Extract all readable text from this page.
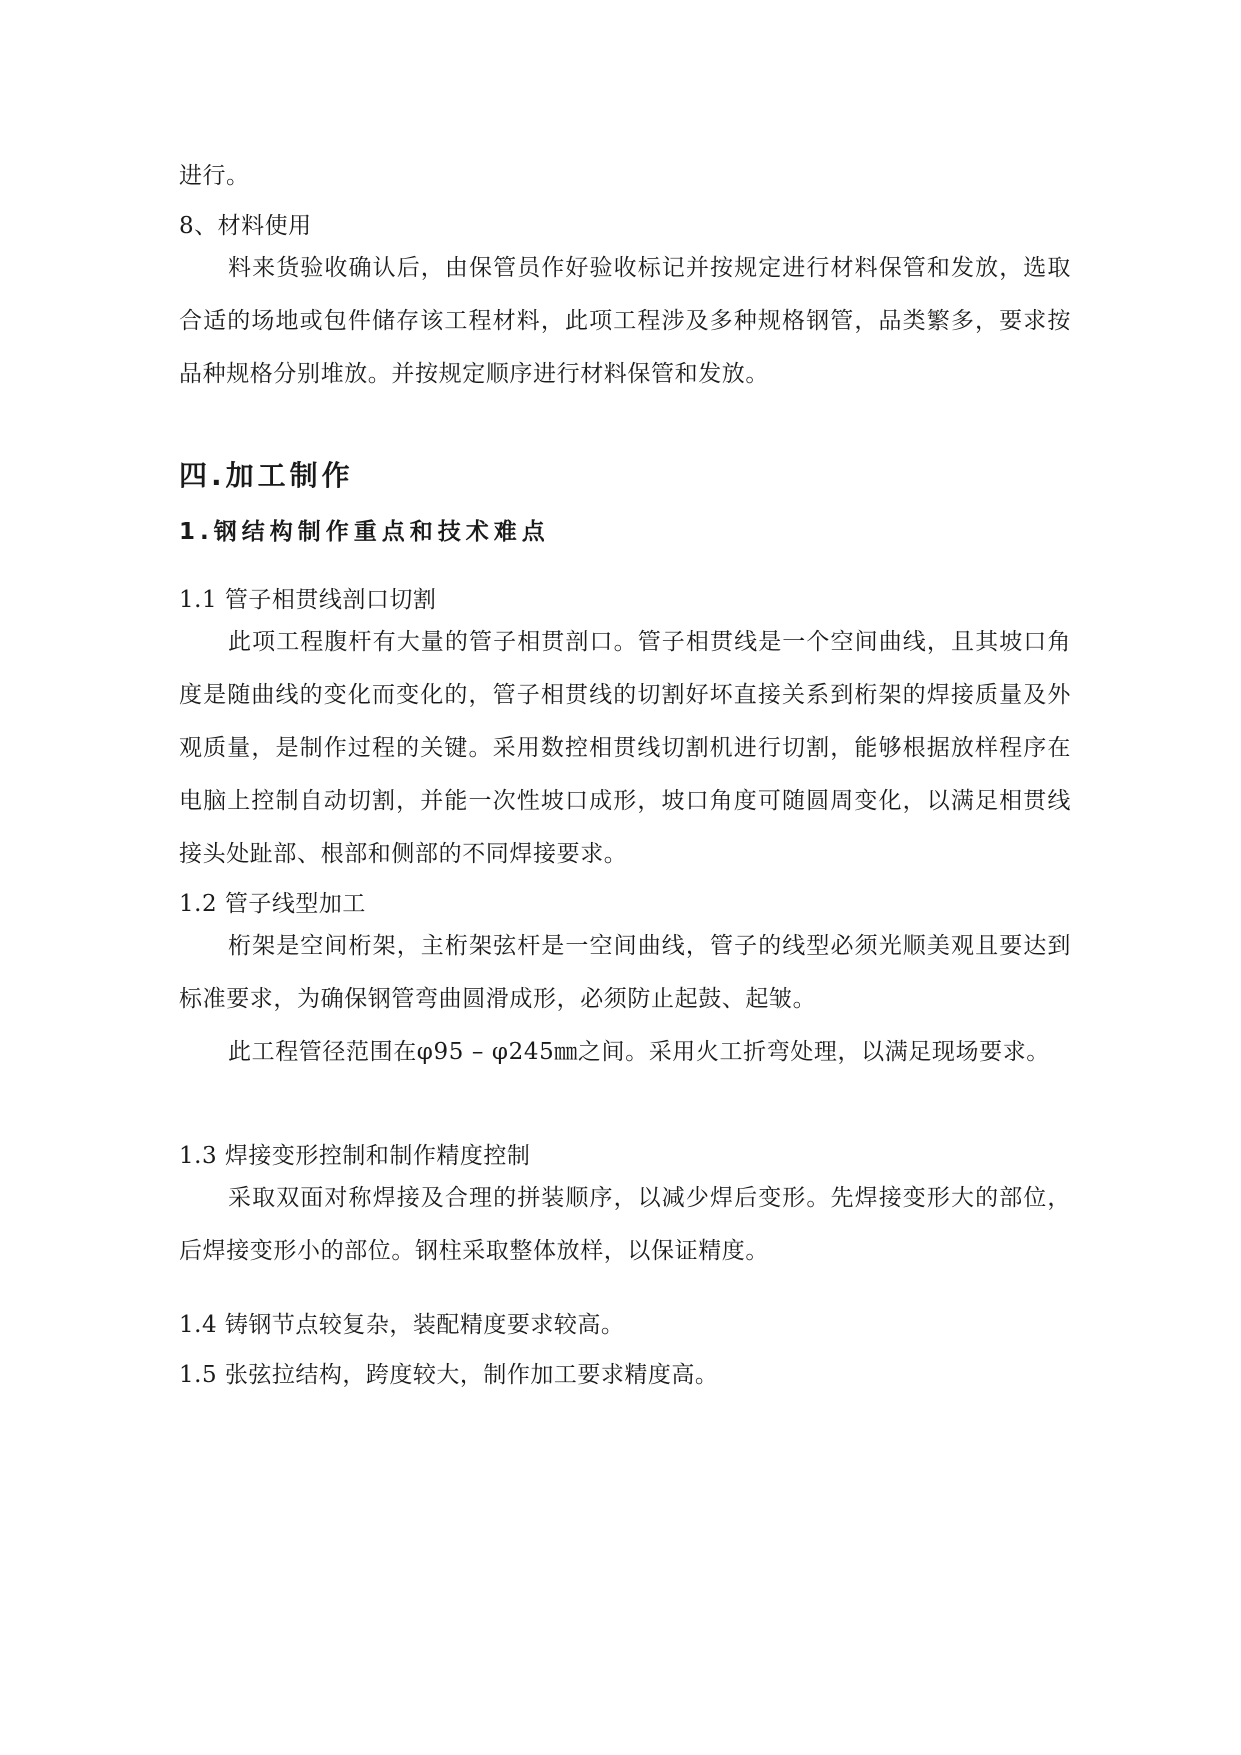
进行。
8、材料使用

料来货验收确认后，由保管员作好验收标记并按规定进行材料保管和发放，选取合适的场地或包件储存该工程材料，此项工程涉及多种规格钢管，品类繁多，要求按品种规格分别堆放。并按规定顺序进行材料保管和发放。

四.加工制作
1.钢结构制作重点和技术难点
1.1 管子相贯线剖口切割

此项工程腹杆有大量的管子相贯剖口。管子相贯线是一个空间曲线，且其坡口角度是随曲线的变化而变化的，管子相贯线的切割好坏直接关系到桁架的焊接质量及外观质量，是制作过程的关键。采用数控相贯线切割机进行切割，能够根据放样程序在电脑上控制自动切割，并能一次性坡口成形，坡口角度可随圆周变化，以满足相贯线接头处趾部、根部和侧部的不同焊接要求。

1.2 管子线型加工

桁架是空间桁架，主桁架弦杆是一空间曲线，管子的线型必须光顺美观且要达到标准要求，为确保钢管弯曲圆滑成形，必须防止起鼓、起皱。

此工程管径范围在φ95 – φ245㎜之间。采用火工折弯处理，以满足现场要求。

1.3 焊接变形控制和制作精度控制

采取双面对称焊接及合理的拼装顺序，以减少焊后变形。先焊接变形大的部位，后焊接变形小的部位。钢柱采取整体放样，以保证精度。

1.4 铸钢节点较复杂，装配精度要求较高。
1.5 张弦拉结构，跨度较大，制作加工要求精度高。
